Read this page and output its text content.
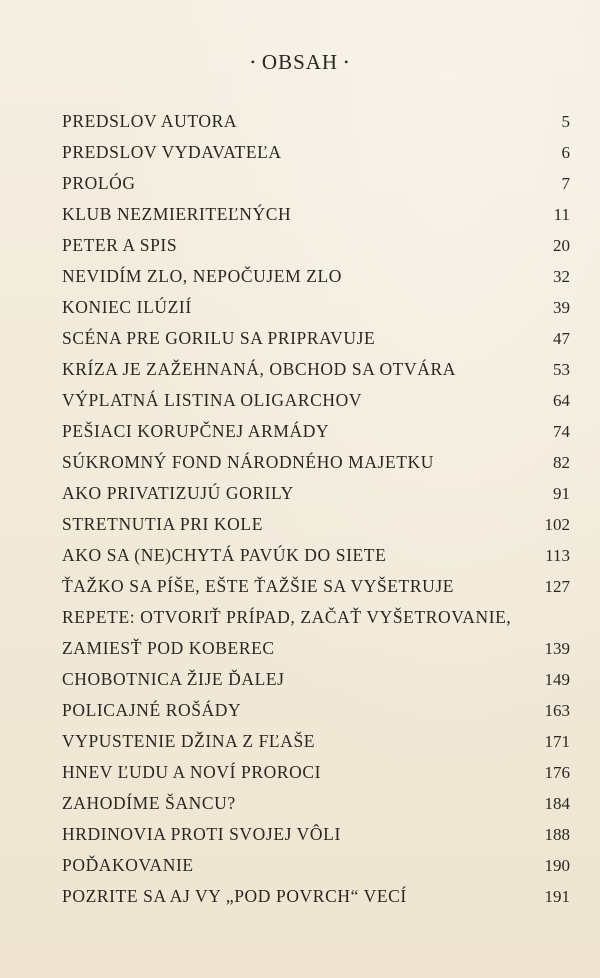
• OBSAH •
PREDSLOV AUTORA	5
PREDSLOV VYDAVATEĽA	6
PROLÓG	7
KLUB NEZMIERITEĽNÝCH	11
PETER A SPIS	20
NEVIDÍM ZLO, NEPOČUJEM ZLO	32
KONIEC ILÚZIÍ	39
SCÉNA PRE GORILU SA PRIPRAVUJE	47
KRÍZA JE ZAŽEHNANÁ, OBCHOD SA OTVÁRA	53
VÝPLATNÁ LISTINA OLIGARCHOV	64
PEŠIACI KORUPČNEJ ARMÁDY	74
SÚKROMNÝ FOND NÁRODNÉHO MAJETKU	82
AKO PRIVATIZUJÚ GORILY	91
STRETNUTIA PRI KOLE	102
AKO SA (NE)CHYTÁ PAVÚK DO SIETE	113
ŤAŽKO SA PÍŠE, EŠTE ŤAŽŠIE SA VYŠETRUJE	127
REPETE: OTVORIŤ PRÍPAD, ZAČAŤ VYŠETROVANIE,
ZAMIESŤ POD KOBEREC	139
CHOBOTNICA ŽIJE ĎALEJ	149
POLICAJNÉ ROŠÁDY	163
VYPUSTENIE DŽINA Z FĽAŠE	171
HNEV ĽUDU A NOVÍ PROROCI	176
ZAHODÍME ŠANCU?	184
HRDINOVIA PROTI SVOJEJ VÔLI	188
POĎAKOVANIE	190
POZRITE SA AJ VY „POD POVRCH“ VECÍ	191
